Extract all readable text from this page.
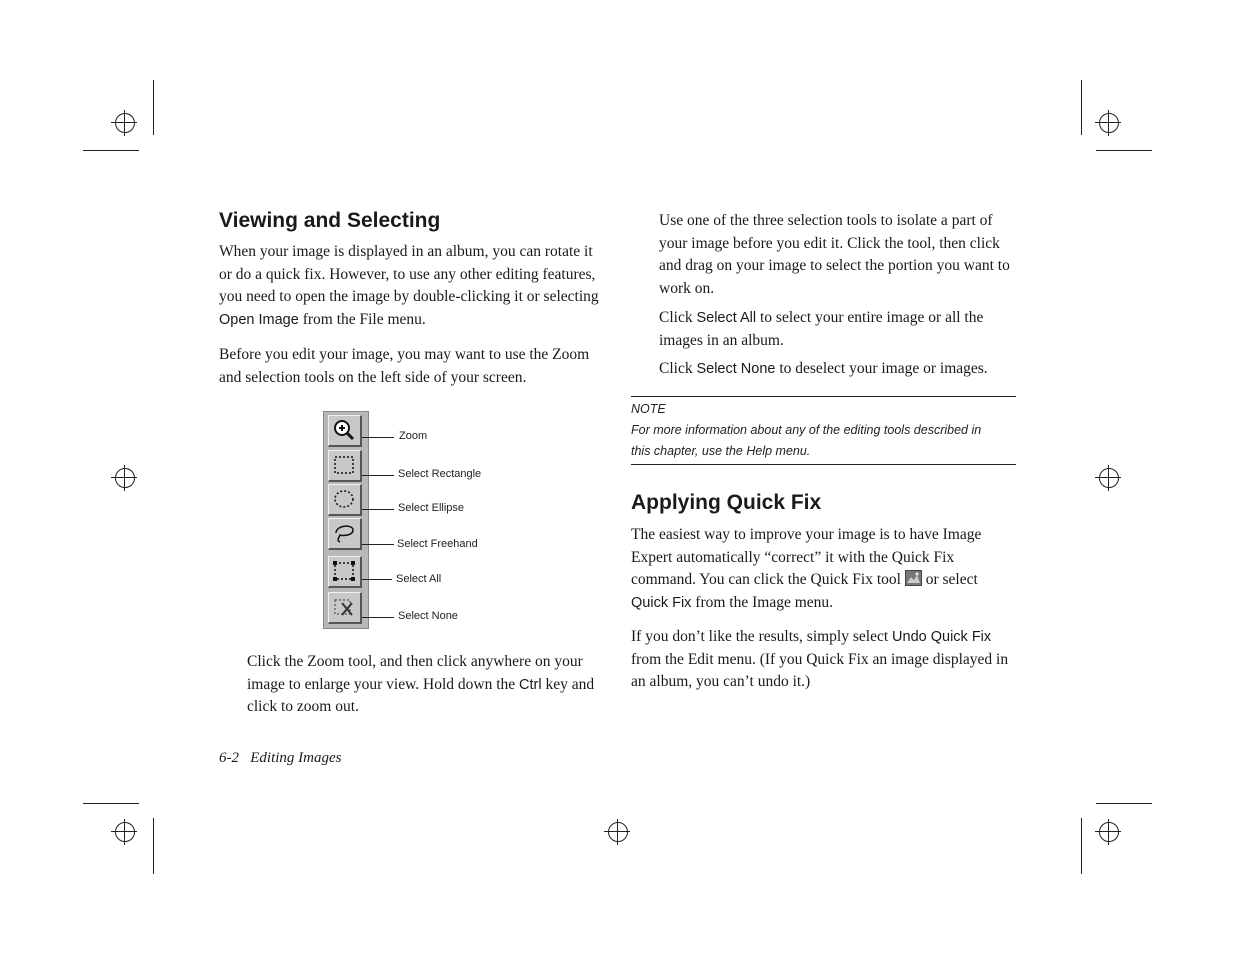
Viewing and Selecting

When your image is displayed in an album, you can rotate it

or do a quick fix. However, to use any other editing features,

you need to open the image by double-clicking it or selecting

Open Image from the File menu.

Before you edit your image, you may want to use the Zoom

and selection tools on the left side of your screen.

Zoom
Select Rectangle
Select Ellipse
Select Freehand
Select All
Select None

Click the Zoom tool, and then click anywhere on your

image to enlarge your view. Hold down the Ctrl key and

click to zoom out.

6-2 Editing Images

Use one of the three selection tools to isolate a part of

your image before you edit it. Click the tool, then click

and drag on your image to select the portion you want to

work on.

Click Select All to select your entire image or all the

images in an album.

Click Select None to deselect your image or images.

NOTE

For more information about any of the editing tools described in

this chapter, use the Help menu.

Applying Quick Fix

The easiest way to improve your image is to have Image

Expert automatically “correct” it with the Quick Fix

command. You can click the Quick Fix tool
or select

Quick Fix from the Image menu.

If you don’t like the results, simply select Undo Quick Fix

from the Edit menu. (If you Quick Fix an image displayed in

an album, you can’t undo it.)
